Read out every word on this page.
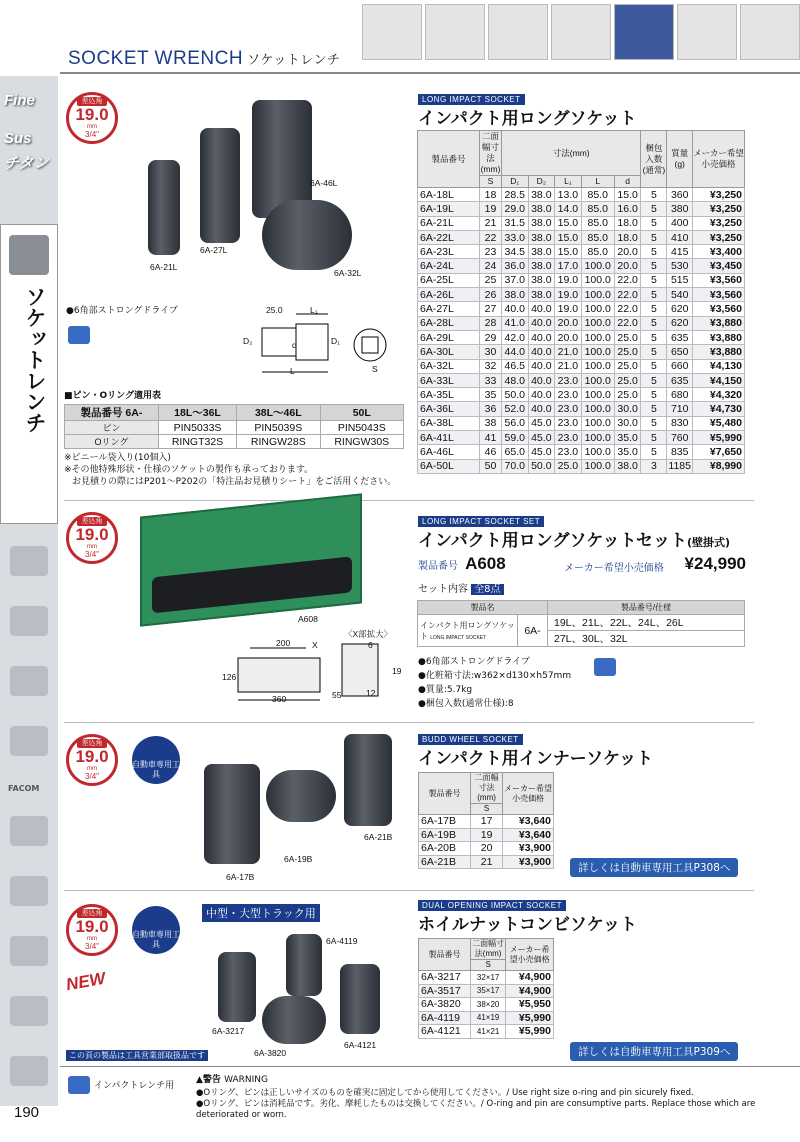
SOCKET WRENCH ソケットレンチ
Fine
Sus
チタン
ソケットレンチ
FACOM
190
差込角
19.0
mm
3/4"
6A-46L
6A-27L
6A-21L
6A-32L
●6角部ストロングドライブ	25.0	L₁
D₂	D₁
d
L	S
■ピン・Oリング適用表
製品番号 6A-	18L～36L	38L～46L	50L
ピン	PIN5033S	PIN5039S	PIN5043S
Oリング	RINGT32S	RINGW28S	RINGW30S
※ビニール袋入り(10個入)
※その他特殊形状・仕様のソケットの製作も承っております。
お見積りの際にはP201～P202の「特注品お見積りシート」をご活用ください。
LONG IMPACT SOCKET
インパクト用ロングソケット
製品番号	二面幅寸法(mm)	寸法(mm)					梱包入数(通常)	質量(g)	メーカー希望小売価格
	S	D₁	D₂	L₁	L	d			
6A-18L	18	28.5	38.0	13.0	85.0	15.0	5	360	¥3,250
6A-19L	19	29.0	38.0	14.0	85.0	16.0	5	380	¥3,250
6A-21L	21	31.5	38.0	15.0	85.0	18.0	5	400	¥3,250
6A-22L	22	33.0	38.0	15.0	85.0	18.0	5	410	¥3,250
6A-23L	23	34.5	38.0	15.0	85.0	20.0	5	415	¥3,400
6A-24L	24	36.0	38.0	17.0	100.0	20.0	5	530	¥3,450
6A-25L	25	37.0	38.0	19.0	100.0	22.0	5	515	¥3,560
6A-26L	26	38.0	38.0	19.0	100.0	22.0	5	540	¥3,560
6A-27L	27	40.0	40.0	19.0	100.0	22.0	5	620	¥3,560
6A-28L	28	41.0	40.0	20.0	100.0	22.0	5	620	¥3,880
6A-29L	29	42.0	40.0	20.0	100.0	25.0	5	635	¥3,880
6A-30L	30	44.0	40.0	21.0	100.0	25.0	5	650	¥3,880
6A-32L	32	46.5	40.0	21.0	100.0	25.0	5	660	¥4,130
6A-33L	33	48.0	40.0	23.0	100.0	25.0	5	635	¥4,150
6A-35L	35	50.0	40.0	23.0	100.0	25.0	5	680	¥4,320
6A-36L	36	52.0	40.0	23.0	100.0	30.0	5	710	¥4,730
6A-38L	38	56.0	45.0	23.0	100.0	30.0	5	830	¥5,480
6A-41L	41	59.0	45.0	23.0	100.0	35.0	5	760	¥5,990
6A-46L	46	65.0	45.0	23.0	100.0	35.0	5	835	¥7,650
6A-50L	50	70.0	50.0	25.0	100.0	38.0	3	1185	¥8,990
差込角
19.0
mm
3/4"
A608
200
126
360	55
6
19
12
X
〈X部拡大〉
LONG IMPACT SOCKET SET
インパクト用ロングソケットセット(壁掛式)
製品番号 A608	メーカー希望小売価格 ¥24,990
セット内容 全8点
製品名		製品番号/仕様
インパクト用ロングソケット LONG IMPACT SOCKET	6A-	19L、21L、22L、24L、26L
		27L、30L、32L
●6角部ストロングドライブ
●化粧箱寸法:w362×d130×h57mm
●質量:5.7kg
●梱包入数(通常仕様):8
差込角
19.0
mm
3/4"
自動車専用工具
6A-17B
6A-19B
6A-21B
BUDD WHEEL SOCKET
インパクト用インナーソケット
製品番号	二面幅寸法(mm)	メーカー希望小売価格
	S	
6A-17B	17	¥3,640
6A-19B	19	¥3,640
6A-20B	20	¥3,900
6A-21B	21	¥3,900
詳しくは自動車専用工具P308へ
差込角
19.0
mm
3/4"
自動車専用工具
NEW
中型・大型トラック用
6A-4119
6A-3217
6A-3820
6A-4121
この頁の製品は工具営業部取扱品です
DUAL OPENING IMPACT SOCKET
ホイルナットコンビソケット
製品番号	二面幅寸法(mm)	メーカー希望小売価格
	S	
6A-3217	32×17	¥4,900
6A-3517	35×17	¥4,900
6A-3820	38×20	¥5,950
6A-4119	41×19	¥5,990
6A-4121	41×21	¥5,990
詳しくは自動車専用工具P309へ
インパクトレンチ用
▲警告 WARNING
●Oリング、ピンは正しいサイズのものを確実に固定してから使用してください。/ Use right size o-ring and pin sicurely fixed.
●Oリング、ピンは消耗品です。劣化、摩耗したものは交換してください。/ O-ring and pin are consumptive parts. Replace those which are deteriorated or worn.
